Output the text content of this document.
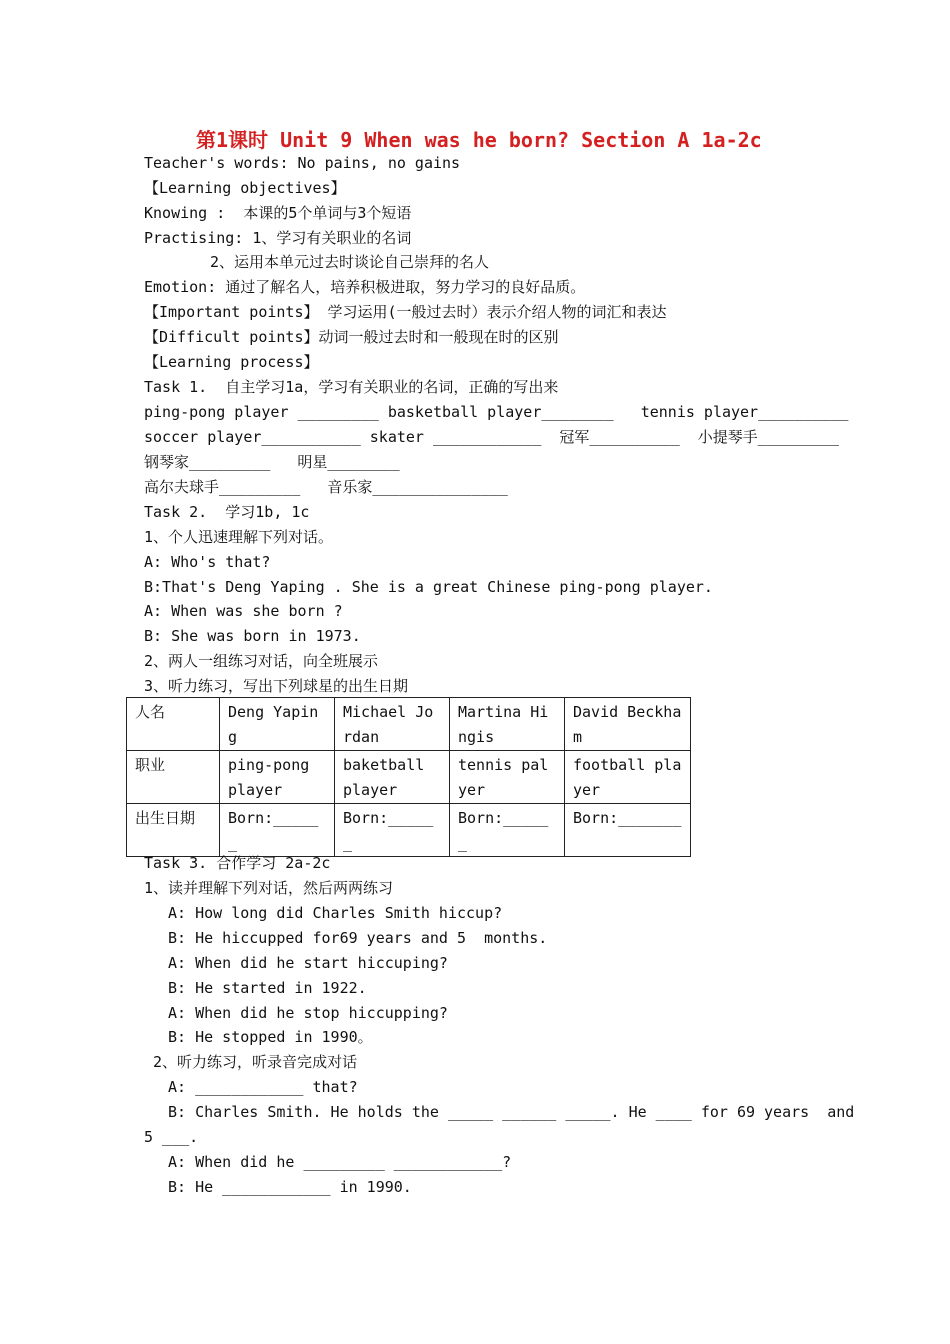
第1课时 Unit 9 When was he born? Section A 1a-2c
Teacher's words: No pains, no gains
【Learning objectives】
Knowing :  本课的5个单词与3个短语
Practising: 1、学习有关职业的名词
2、运用本单元过去时谈论自己崇拜的名人
Emotion: 通过了解名人，培养积极进取，努力学习的良好品质。
【Important points】 学习运用(一般过去时）表示介绍人物的词汇和表达
【Difficult points】动词一般过去时和一般现在时的区别
【Learning process】
Task 1.  自主学习1a，学习有关职业的名词，正确的写出来
ping-pong player _________ basketball player________   tennis player__________
soccer player___________ skater ____________  冠军__________  小提琴手_________
钢琴家_________   明星________
高尔夫球手_________   音乐家_______________
Task 2.  学习1b, 1c
1、个人迅速理解下列对话。
A: Who's that?
B:That's Deng Yaping . She is a great Chinese ping-pong player.
A: When was she born ?
B: She was born in 1973.
2、两人一组练习对话，向全班展示
3、听力练习，写出下列球星的出生日期
人名	Deng Yaping	Michael Jordan	Martina Hingis	David Beckham
职业	ping-pong player	baketball player	tennis palyer	football player
出生日期	Born:______	Born:______	Born:______	Born:_______
Task 3. 合作学习 2a-2c
1、读并理解下列对话，然后两两练习
A: How long did Charles Smith hiccup?
B: He hiccupped for69 years and 5  months.
A: When did he start hiccuping?
B: He started in 1922.
A: When did he stop hiccupping?
B: He stopped in 1990。
2、听力练习，听录音完成对话
A: ____________ that?
B: Charles Smith. He holds the _____ ______ _____. He ____ for 69 years  and
5 ___.
A: When did he _________ ____________?
B: He ____________ in 1990.
